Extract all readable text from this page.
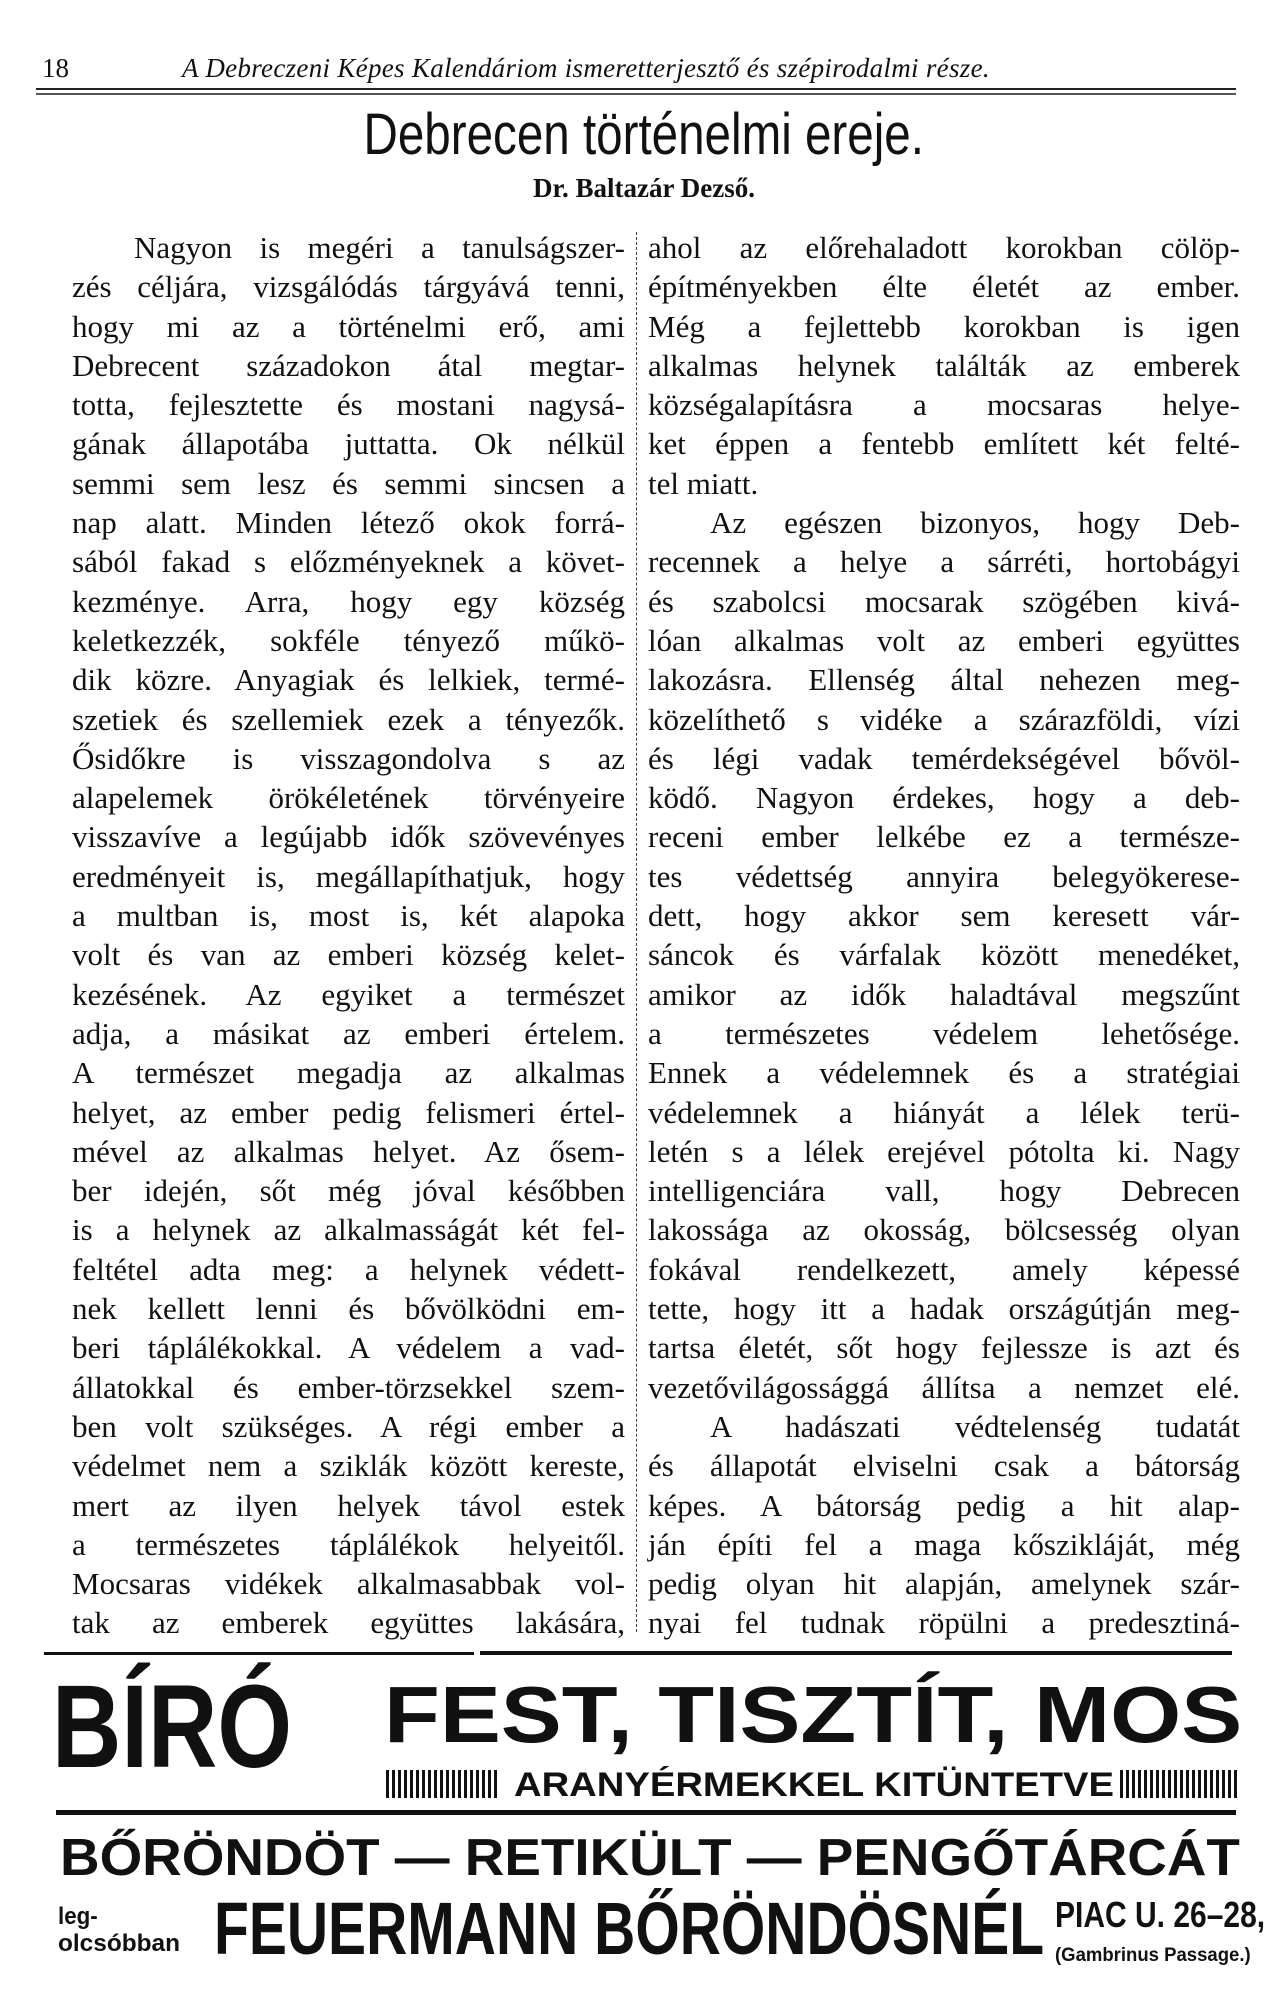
18	A Debreczeni Képes Kalendáriom ismeretterjesztő és szépirodalmi része.
Debrecen történelmi ereje.
Dr. Baltazár Dezső.
Nagyon is megéri a tanulságszer-
zés céljára, vizsgálódás tárgyává tenni,
hogy mi az a történelmi erő, ami
Debrecent századokon átal megtar-
totta, fejlesztette és mostani nagysá-
gának állapotába juttatta. Ok nélkül
semmi sem lesz és semmi sincsen a
nap alatt. Minden létező okok forrá-
sából fakad s előzményeknek a követ-
kezménye. Arra, hogy egy község
keletkezzék, sokféle tényező műkö-
dik közre. Anyagiak és lelkiek, termé-
szetiek és szellemiek ezek a tényezők.
Ősidőkre is visszagondolva s az
alapelemek örökéletének törvényeire
visszavíve a legújabb idők szövevényes
eredményeit is, megállapíthatjuk, hogy
a multban is, most is, két alapoka
volt és van az emberi község kelet-
kezésének. Az egyiket a természet
adja, a másikat az emberi értelem.
A természet megadja az alkalmas
helyet, az ember pedig felismeri értel-
mével az alkalmas helyet. Az ősem-
ber idején, sőt még jóval későbben
is a helynek az alkalmasságát két fel-
feltétel adta meg: a helynek védett-
nek kellett lenni és bővölködni em-
beri táplálékokkal. A védelem a vad-
állatokkal és ember-törzsekkel szem-
ben volt szükséges. A régi ember a
védelmet nem a sziklák között kereste,
mert az ilyen helyek távol estek
a természetes táplálékok helyeitől.
Mocsaras vidékek alkalmasabbak vol-
tak az emberek együttes lakására,
ahol az előrehaladott korokban cölöp-
építményekben élte életét az ember.
Még a fejlettebb korokban is igen
alkalmas helynek találták az emberek
községalapításra a mocsaras helye-
ket éppen a fentebb említett két felté-
tel miatt.
Az egészen bizonyos, hogy Deb-
recennek a helye a sárréti, hortobágyi
és szabolcsi mocsarak szögében kivá-
lóan alkalmas volt az emberi együttes
lakozásra. Ellenség által nehezen meg-
közelíthető s vidéke a szárazföldi, vízi
és légi vadak temérdekségével bővöl-
ködő. Nagyon érdekes, hogy a deb-
receni ember lelkébe ez a természe-
tes védettség annyira belegyökerese-
dett, hogy akkor sem keresett vár-
sáncok és várfalak között menedéket,
amikor az idők haladtával megszűnt
a természetes védelem lehetősége.
Ennek a védelemnek és a stratégiai
védelemnek a hiányát a lélek terü-
letén s a lélek erejével pótolta ki. Nagy
intelligenciára vall, hogy Debrecen
lakossága az okosság, bölcsesség olyan
fokával rendelkezett, amely képessé
tette, hogy itt a hadak országútján meg-
tartsa életét, sőt hogy fejlessze is azt és
vezetővilágossággá állítsa a nemzet elé.
A hadászati védtelenség tudatát
és állapotát elviselni csak a bátorság
képes. A bátorság pedig a hit alap-
ján építi fel a maga kőszikláját, még
pedig olyan hit alapján, amelynek szár-
nyai fel tudnak röpülni a predesztiná-
BÍRÓ FEST, TISZTÍT, MOS
ARANYÉRMEKKEL KITÜNTETVE
BŐRÖNDÖT — RETIKÜLT — PENGŐTÁRCÁT
leg-
olcsóbban FEUERMANN BŐRÖNDÖSNÉL PIAC U. 26–28,
(Gambrinus Passage.)
